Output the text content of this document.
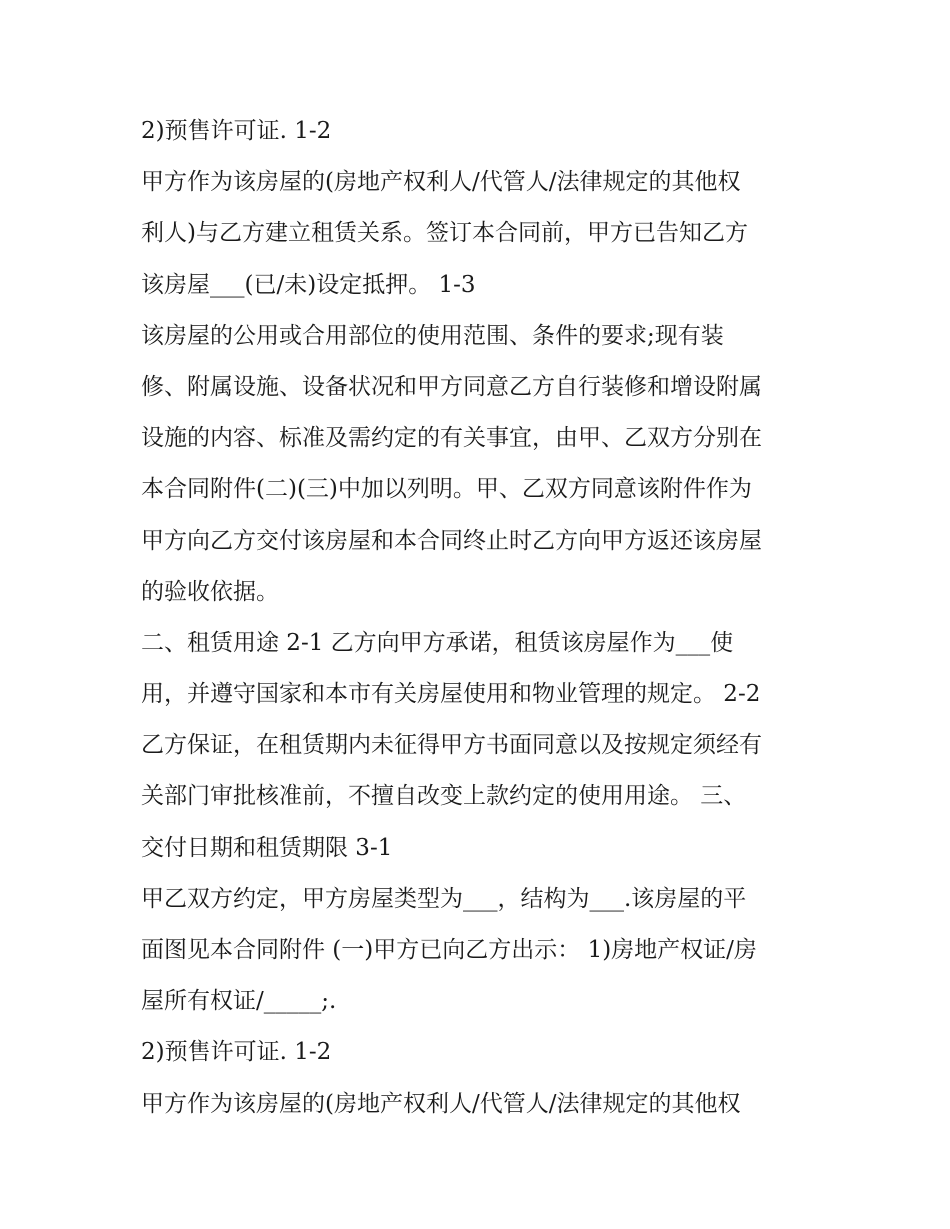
2)预售许可证. 1-2
甲方作为该房屋的(房地产权利人/代管人/法律规定的其他权
利人)与乙方建立租赁关系。签订本合同前，甲方已告知乙方
该房屋___(已/未)设定抵押。 1-3
该房屋的公用或合用部位的使用范围、条件的要求;现有装
修、附属设施、设备状况和甲方同意乙方自行装修和增设附属
设施的内容、标准及需约定的有关事宜，由甲、乙双方分别在
本合同附件(二)(三)中加以列明。甲、乙双方同意该附件作为
甲方向乙方交付该房屋和本合同终止时乙方向甲方返还该房屋
的验收依据。
二、租赁用途 2-1 乙方向甲方承诺，租赁该房屋作为___使
用，并遵守国家和本市有关房屋使用和物业管理的规定。 2-2
乙方保证，在租赁期内未征得甲方书面同意以及按规定须经有
关部门审批核准前，不擅自改变上款约定的使用用途。 三、
交付日期和租赁期限 3-1
甲乙双方约定，甲方房屋类型为___，结构为___.该房屋的平
面图见本合同附件 (一)甲方已向乙方出示： 1)房地产权证/房
屋所有权证/_____;.
2)预售许可证. 1-2
甲方作为该房屋的(房地产权利人/代管人/法律规定的其他权
